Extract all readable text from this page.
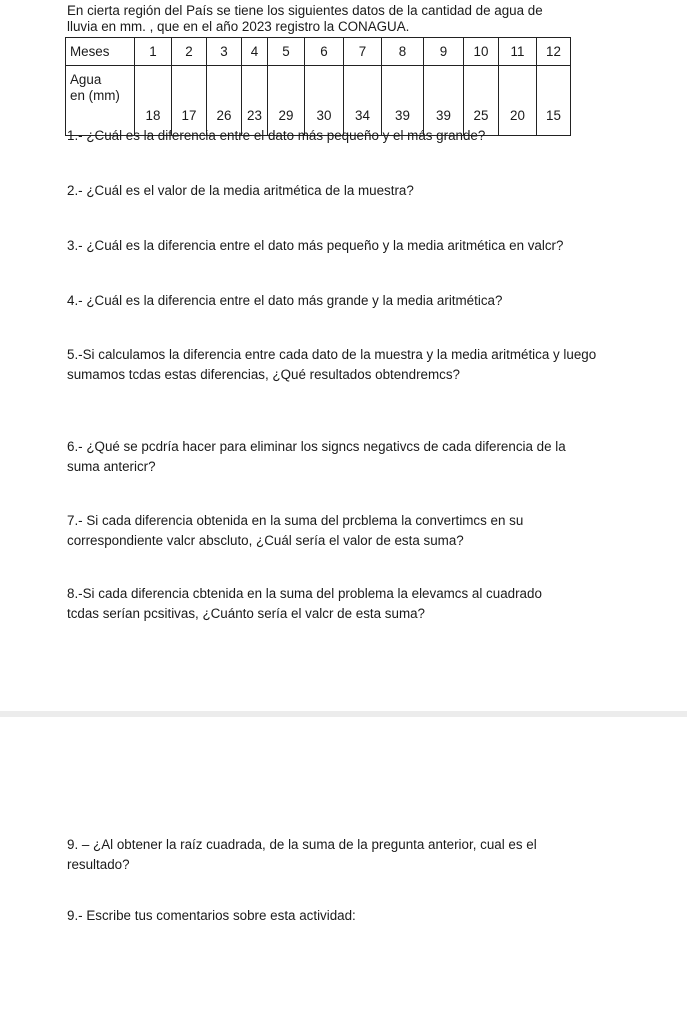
En cierta región del País se tiene los siguientes datos de la cantidad de agua de
lluvia en mm. , que en el año 2023 registro la CONAGUA.
Meses	1	2	3	4	5	6	7	8	9	10	11	12

Agua
en (mm)	18	17	26	23	29	30	34	39	39	25	20	15

1.- ¿Cuál es la diferencia entre el dato más pequeño y el más grande?

2.- ¿Cuál es el valor de la media aritmética de la muestra?

3.- ¿Cuál es la diferencia entre el dato más pequeño y la media aritmética en valcr?

4.- ¿Cuál es la diferencia entre el dato más grande y la media aritmética?

5.-Si calculamos la diferencia entre cada dato de la muestra y la media aritmética y luego sumamos tcdas estas diferencias, ¿Qué resultados obtendremcs?

6.- ¿Qué se pcdría hacer para eliminar los signcs negativcs de cada diferencia de la suma antericr?

7.- Si cada diferencia obtenida en la suma del prcblema la convertimcs en su correspondiente valcr abscluto, ¿Cuál sería el valor de esta suma?

8.-Si cada diferencia cbtenida en la suma del problema la elevamcs al cuadrado tcdas serían pcsitivas, ¿Cuánto sería el valcr de esta suma?

9. – ¿Al obtener la raíz cuadrada, de la suma de la pregunta anterior, cual es el resultado?

9.- Escribe tus comentarios sobre esta actividad:
